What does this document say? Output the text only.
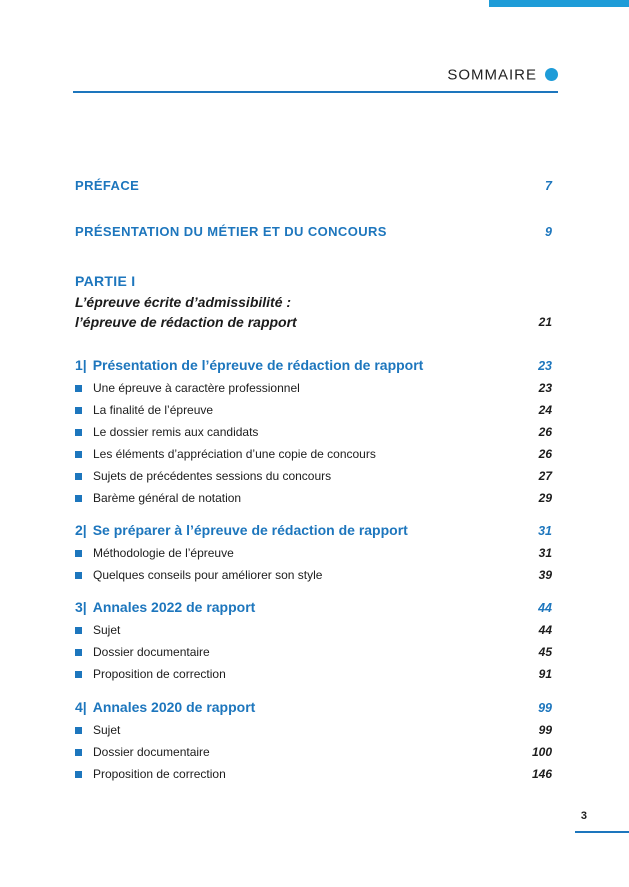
SOMMAIRE
PRÉFACE	7
PRÉSENTATION DU MÉTIER ET DU CONCOURS	9
PARTIE I
L’épreuve écrite d’admissibilité :
l’épreuve de rédaction de rapport	21
1| Présentation de l’épreuve de rédaction de rapport	23
Une épreuve à caractère professionnel	23
La finalité de l’épreuve	24
Le dossier remis aux candidats	26
Les éléments d’appréciation d’une copie de concours	26
Sujets de précédentes sessions du concours	27
Barème général de notation	29
2| Se préparer à l’épreuve de rédaction de rapport	31
Méthodologie de l’épreuve	31
Quelques conseils pour améliorer son style	39
3| Annales 2022 de rapport	44
Sujet	44
Dossier documentaire	45
Proposition de correction	91
4| Annales 2020 de rapport	99
Sujet	99
Dossier documentaire	100
Proposition de correction	146
3
